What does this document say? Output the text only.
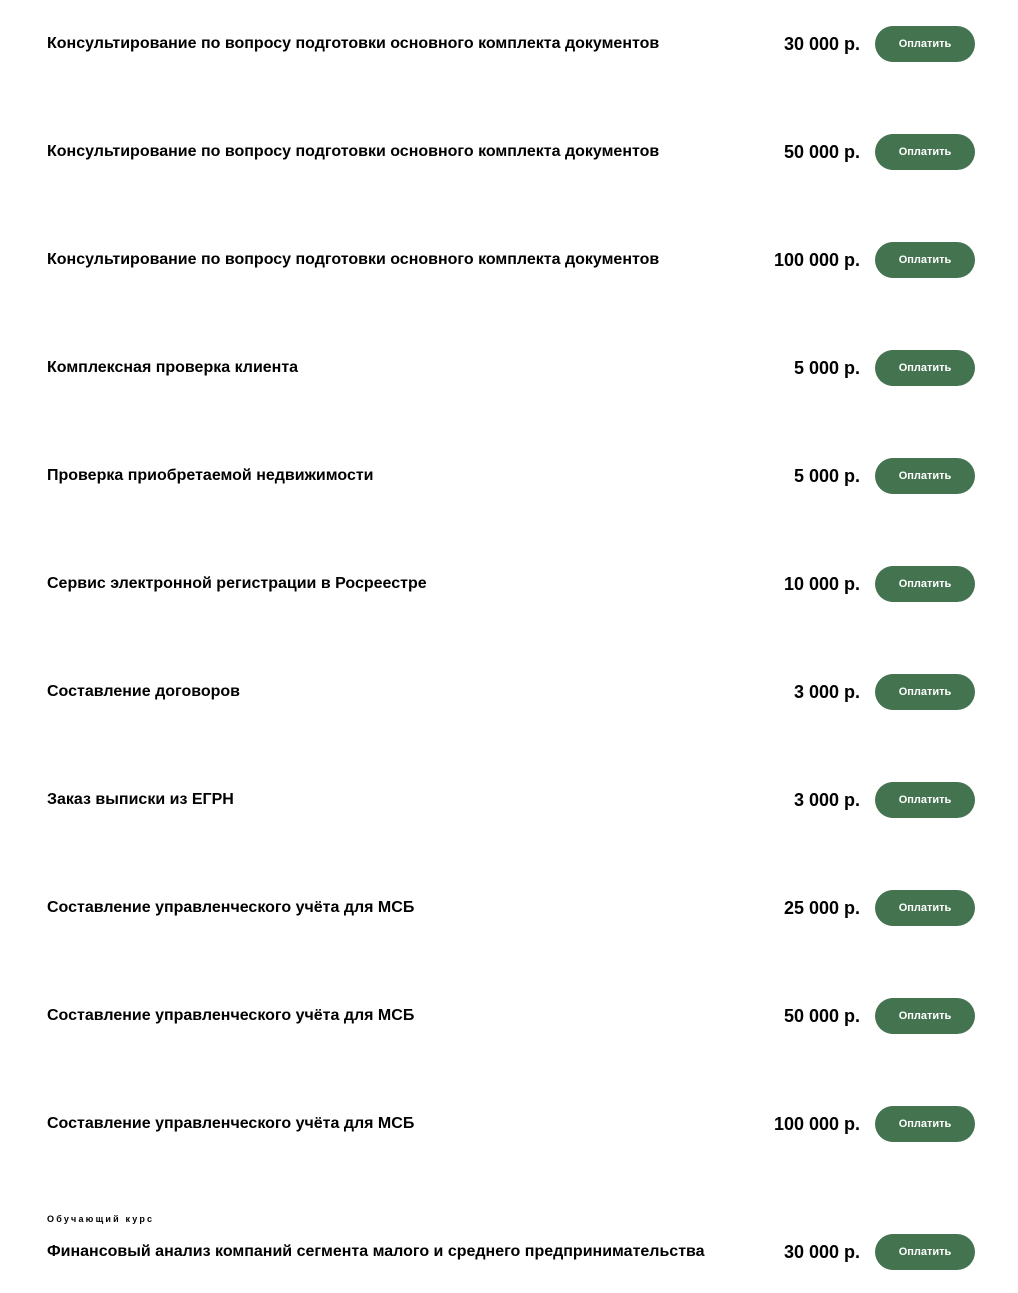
Консультирование по вопросу подготовки основного комплекта документов	30 000 р.	Оплатить
Консультирование по вопросу подготовки основного комплекта документов	50 000 р.	Оплатить
Консультирование по вопросу подготовки основного комплекта документов	100 000 р.	Оплатить
Комплексная проверка клиента	5 000 р.	Оплатить
Проверка приобретаемой недвижимости	5 000 р.	Оплатить
Сервис электронной регистрации в Росреестре	10 000 р.	Оплатить
Составление договоров	3 000 р.	Оплатить
Заказ выписки из ЕГРН	3 000 р.	Оплатить
Составление управленческого учёта для МСБ	25 000 р.	Оплатить
Составление управленческого учёта для МСБ	50 000 р.	Оплатить
Составление управленческого учёта для МСБ	100 000 р.	Оплатить
Обучающий курс
Финансовый анализ компаний сегмента малого и среднего предпринимательства	30 000 р.	Оплатить
